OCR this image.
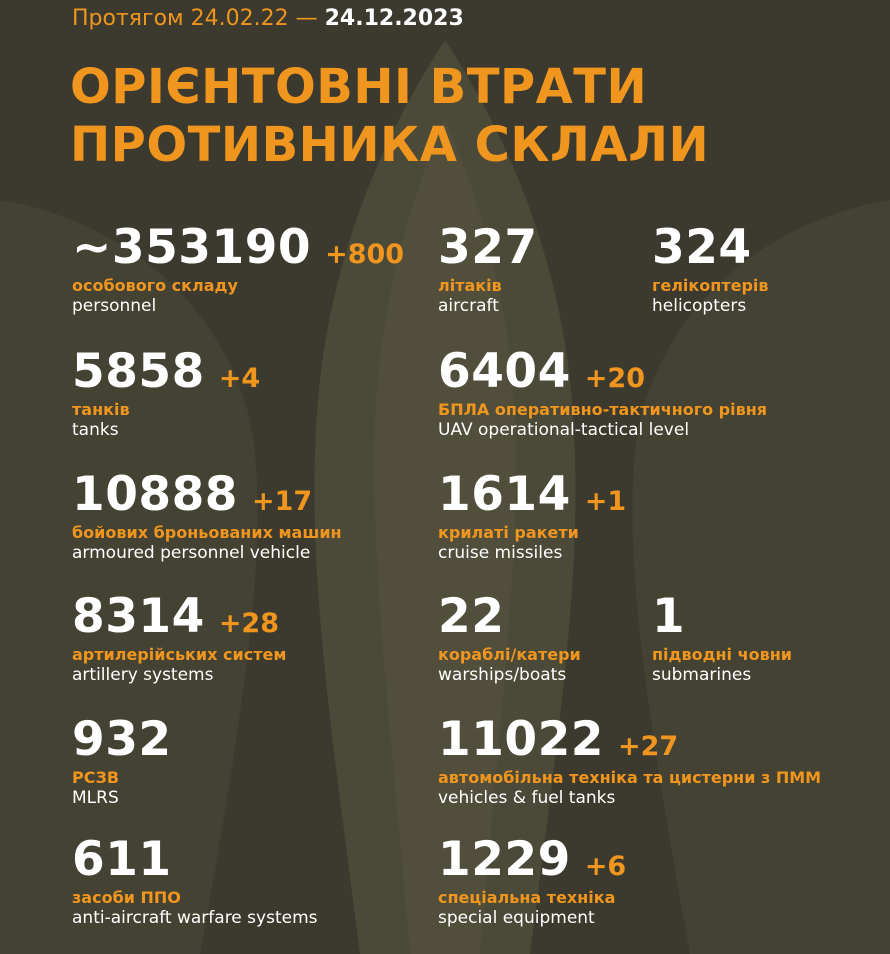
Протягом 24.02.22 — 24.12.2023
ОРІЄНТОВНІ ВТРАТИ
ПРОТИВНИКА СКЛАЛИ
~353190 +800
особового складу
personnel
327
літаків
aircraft
324
гелікоптерів
helicopters
5858 +4
танків
tanks
6404 +20
БПЛА оперативно-тактичного рівня
UAV operational-tactical level
10888 +17
бойових броньованих машин
armoured personnel vehicle
1614 +1
крилаті ракети
cruise missiles
8314 +28
артилерійських систем
artillery systems
22
кораблі/катери
warships/boats
1
підводні човни
submarines
932
РСЗВ
MLRS
11022 +27
автомобільна техніка та цистерни з ПММ
vehicles & fuel tanks
611
засоби ППО
anti-aircraft warfare systems
1229 +6
спеціальна техніка
special equipment
